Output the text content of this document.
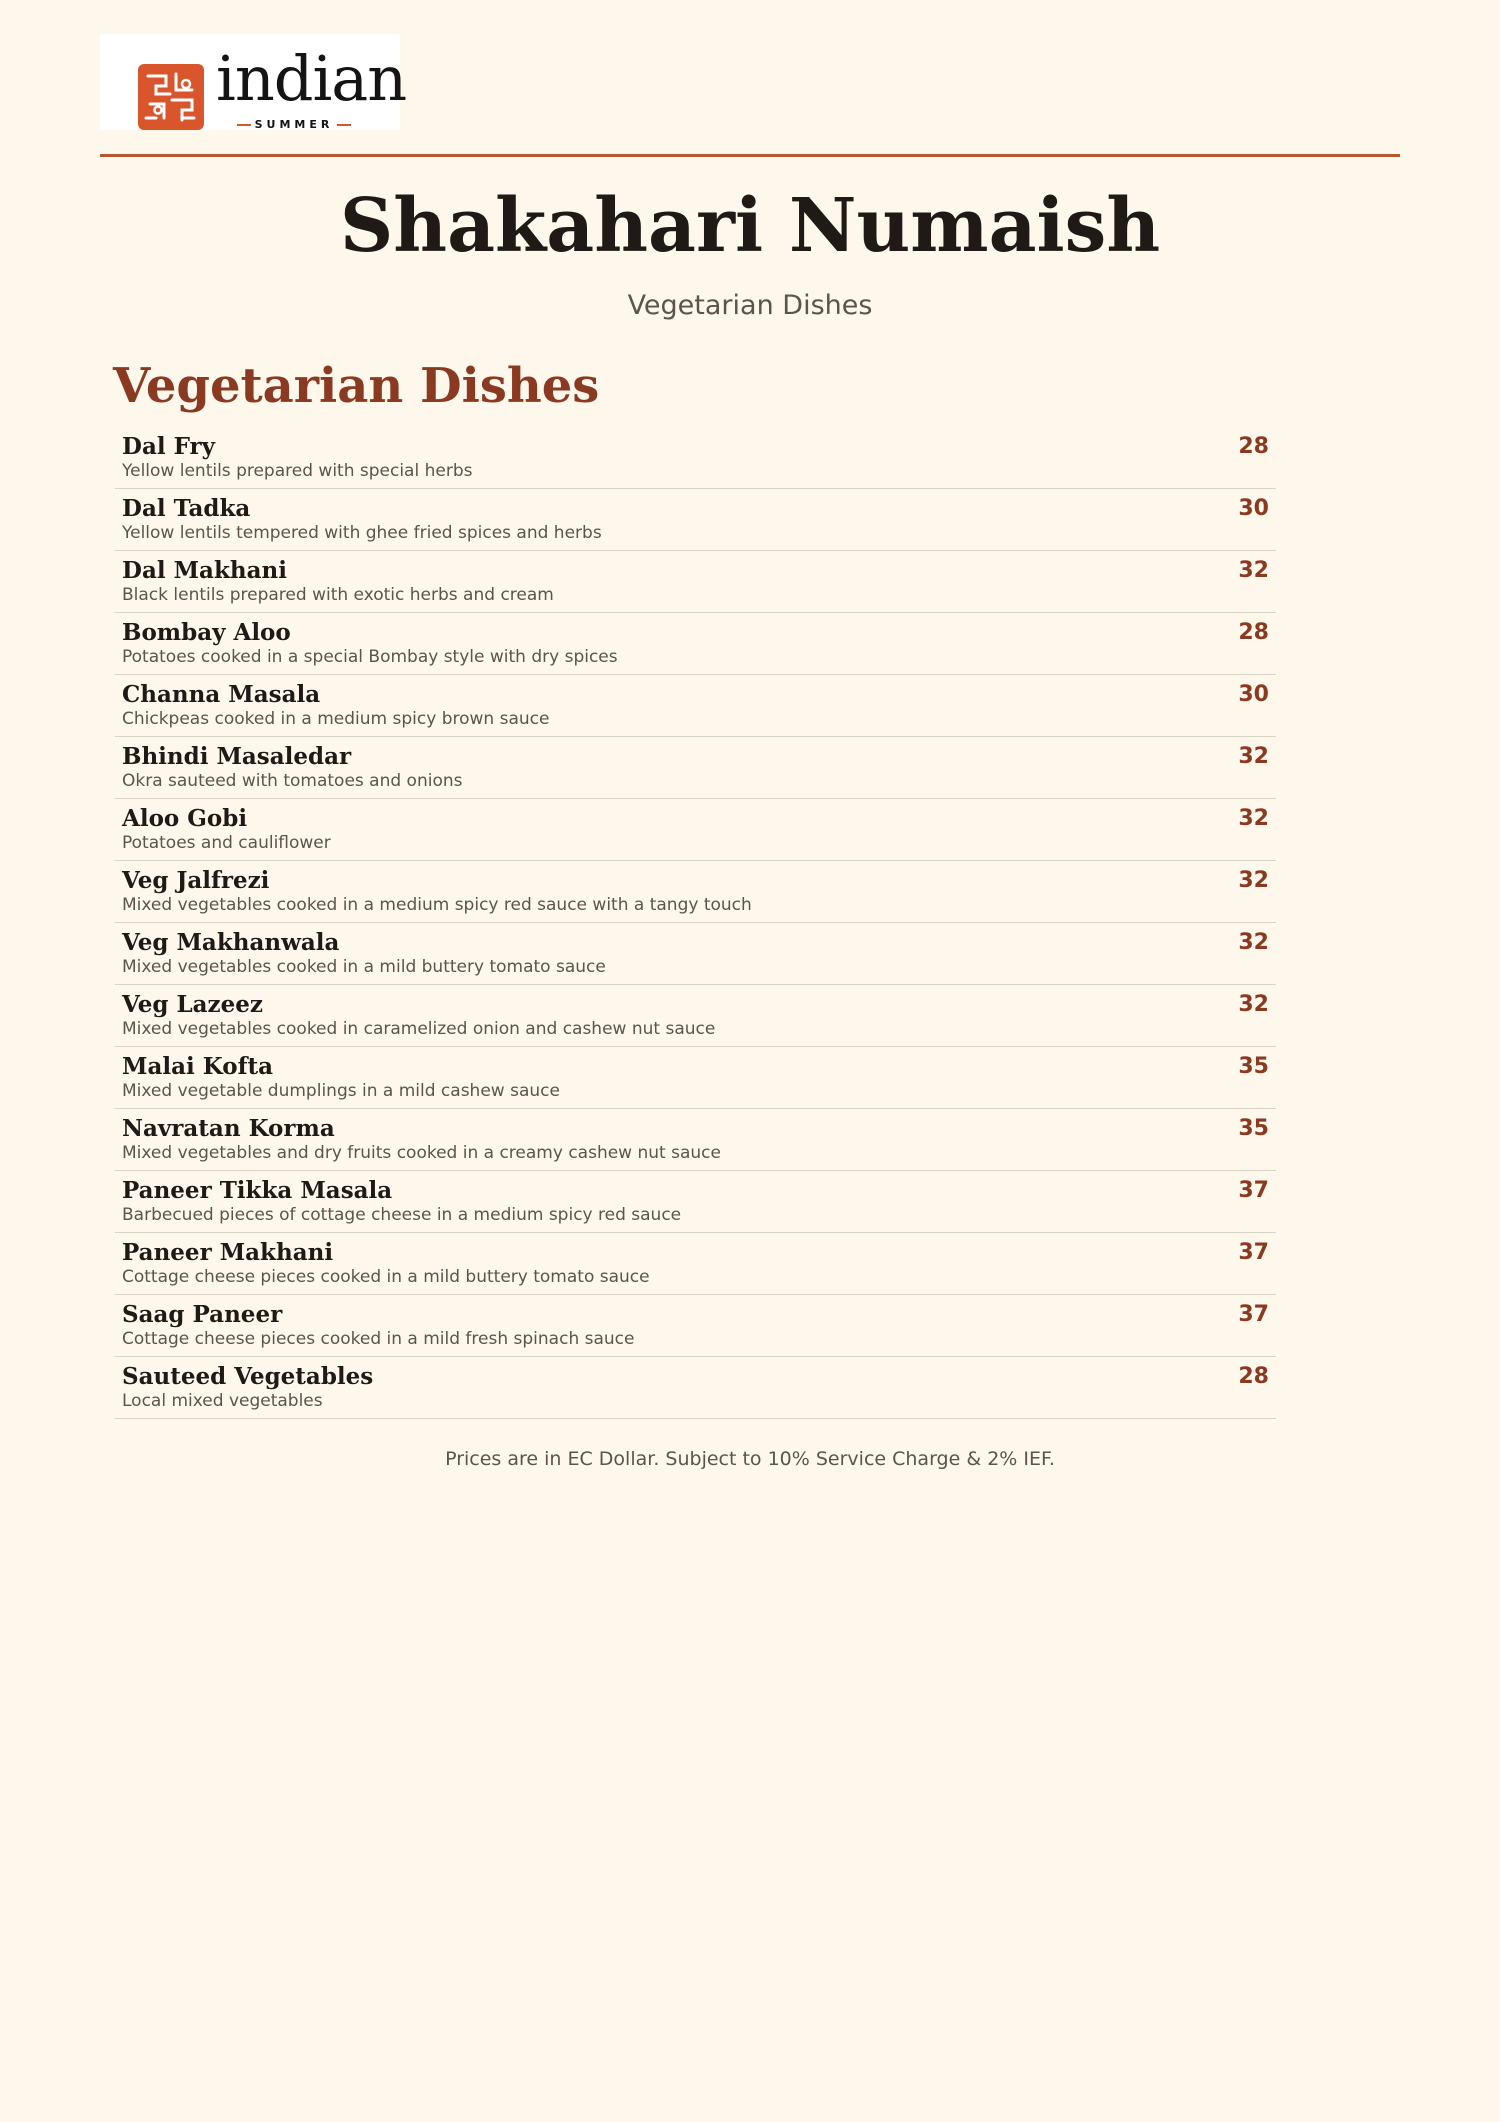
indian
SUMMER
Shakahari Numaish
Vegetarian Dishes
Vegetarian Dishes
Dal Fry
Yellow lentils prepared with special herbs
28
Dal Tadka
Yellow lentils tempered with ghee fried spices and herbs
30
Dal Makhani
Black lentils prepared with exotic herbs and cream
32
Bombay Aloo
Potatoes cooked in a special Bombay style with dry spices
28
Channa Masala
Chickpeas cooked in a medium spicy brown sauce
30
Bhindi Masaledar
Okra sauteed with tomatoes and onions
32
Aloo Gobi
Potatoes and cauliflower
32
Veg Jalfrezi
Mixed vegetables cooked in a medium spicy red sauce with a tangy touch
32
Veg Makhanwala
Mixed vegetables cooked in a mild buttery tomato sauce
32
Veg Lazeez
Mixed vegetables cooked in caramelized onion and cashew nut sauce
32
Malai Kofta
Mixed vegetable dumplings in a mild cashew sauce
35
Navratan Korma
Mixed vegetables and dry fruits cooked in a creamy cashew nut sauce
35
Paneer Tikka Masala
Barbecued pieces of cottage cheese in a medium spicy red sauce
37
Paneer Makhani
Cottage cheese pieces cooked in a mild buttery tomato sauce
37
Saag Paneer
Cottage cheese pieces cooked in a mild fresh spinach sauce
37
Sauteed Vegetables
Local mixed vegetables
28
Prices are in EC Dollar. Subject to 10% Service Charge & 2% IEF.
